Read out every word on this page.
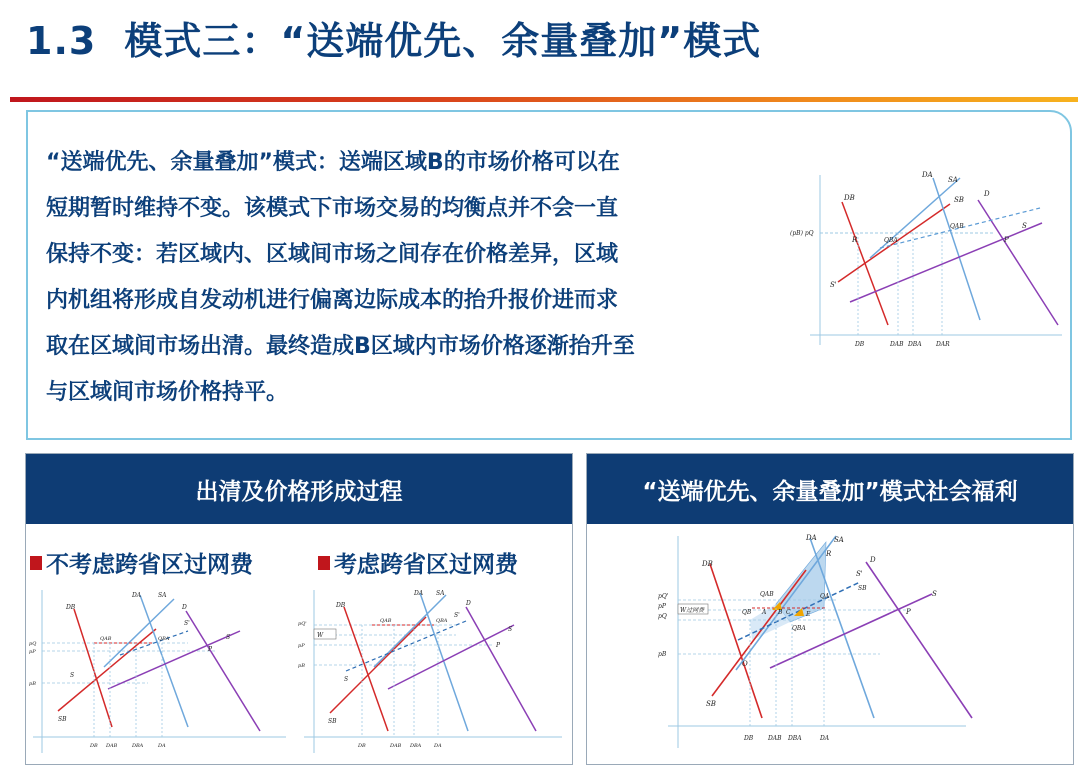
1.3 模式三：“送端优先、余量叠加”模式
“送端优先、余量叠加”模式：送端区域B的市场价格可以在
短期暂时维持不变。该模式下市场交易的均衡点并不会一直
保持不变：若区域内、区域间市场之间存在价格差异，区域
内机组将形成自发动机进行偏离边际成本的抬升报价进而求
取在区域间市场出清。最终造成B区域内市场价格逐渐抬升至
与区域间市场价格持平。
DA
SA
SB
DB	D
S
S'
R	P
QAB
QBA
(pB) pQ
DB	DAB DBA DAR
出清及价格形成过程
不考虑跨省区过网费	考虑跨省区过网费
DB
DA	SA
D
S
S'
QAB	QBA
P
S
SB
pQ
pP
pB
DB DAB	DBA	DA
W
DB
DA SA
D
S
S'
QAB	QBA
P
S
SB
pQ'
pP
pB
DB	DAB DBA	DA
“送端优先、余量叠加”模式社会福利
W过网费
DA SA
DB	D
S
S'
SB
R
P
O
QB
QAB	QA
QBA
A B C	E
SB
pQ'
pP
pQ
pB
DB DAB DBA	DA
